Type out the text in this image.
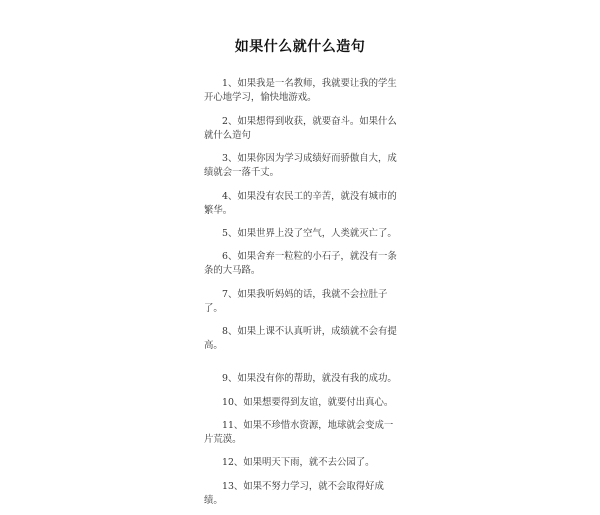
如果什么就什么造句

1、如果我是一名教师，我就要让我的学生开心地学习，愉快地游戏。

2、如果想得到收获，就要奋斗。如果什么就什么造句

3、如果你因为学习成绩好而骄傲自大，成绩就会一落千丈。

4、如果没有农民工的辛苦，就没有城市的繁华。

5、如果世界上没了空气，人类就灭亡了。

6、如果舍弃一粒粒的小石子，就没有一条条的大马路。

7、如果我听妈妈的话，我就不会拉肚子了。

8、如果上课不认真听讲，成绩就不会有提高。

9、如果没有你的帮助，就没有我的成功。

10、如果想要得到友谊，就要付出真心。

11、如果不珍惜水资源，地球就会变成一片荒漠。

12、如果明天下雨，就不去公园了。

13、如果不努力学习，就不会取得好成绩。
